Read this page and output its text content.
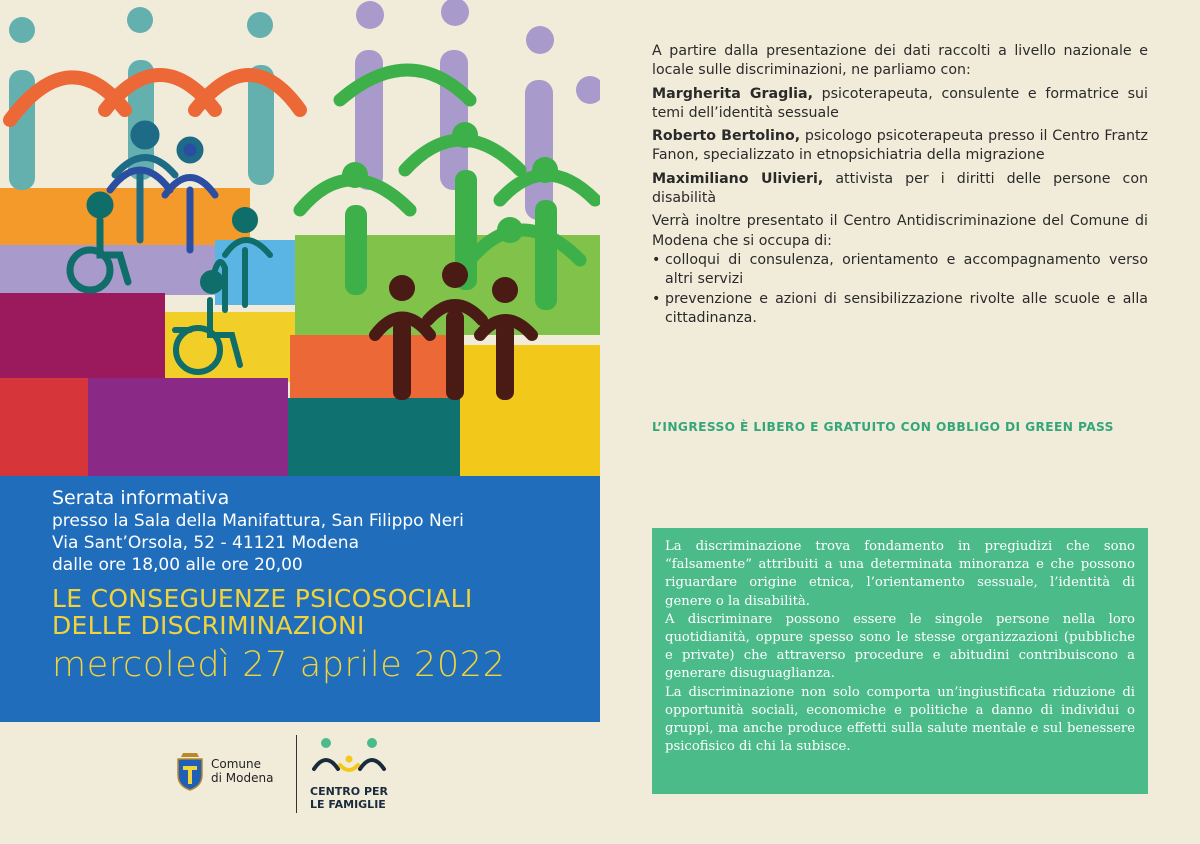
Serata informativa
presso la Sala della Manifattura, San Filippo Neri
Via Sant’Orsola, 52 - 41121 Modena
dalle ore 18,00 alle ore 20,00
LE CONSEGUENZE PSICOSOCIALI
DELLE DISCRIMINAZIONI
mercoledì 27 aprile 2022
Comune
di Modena
CENTRO PER
LE FAMIGLIE

A partire dalla presentazione dei dati raccolti a livello nazionale e locale sulle discriminazioni, ne parliamo con:

Margherita Graglia, psicoterapeuta, consulente e formatrice sui temi dell’identità sessuale

Roberto Bertolino, psicologo psicoterapeuta presso il Centro Frantz Fanon, specializzato in etnopsichiatria della migrazione

Maximiliano Ulivieri, attivista per i diritti delle persone con disabilità

Verrà inoltre presentato il Centro Antidiscriminazione del Comune di Modena che si occupa di:

• colloqui di consulenza, orientamento e accompagnamento verso altri servizi
• prevenzione e azioni di sensibilizzazione rivolte alle scuole e alla cittadinanza.
L’INGRESSO È LIBERO E GRATUITO CON OBBLIGO DI GREEN PASS

La discriminazione trova fondamento in pregiudizi che sono “falsamente” attribuiti a una determinata minoranza e che possono riguardare origine etnica, l’orientamento sessuale, l’identità di genere o la disabilità.

A discriminare possono essere le singole persone nella loro quotidianità, oppure spesso sono le stesse organizzazioni (pubbliche e private) che attraverso procedure e abitudini contribuiscono a generare disuguaglianza.

La discriminazione non solo comporta un’ingiustificata riduzione di opportunità sociali, economiche e politiche a danno di individui o gruppi, ma anche produce effetti sulla salute mentale e sul benessere psicofisico di chi la subisce.
